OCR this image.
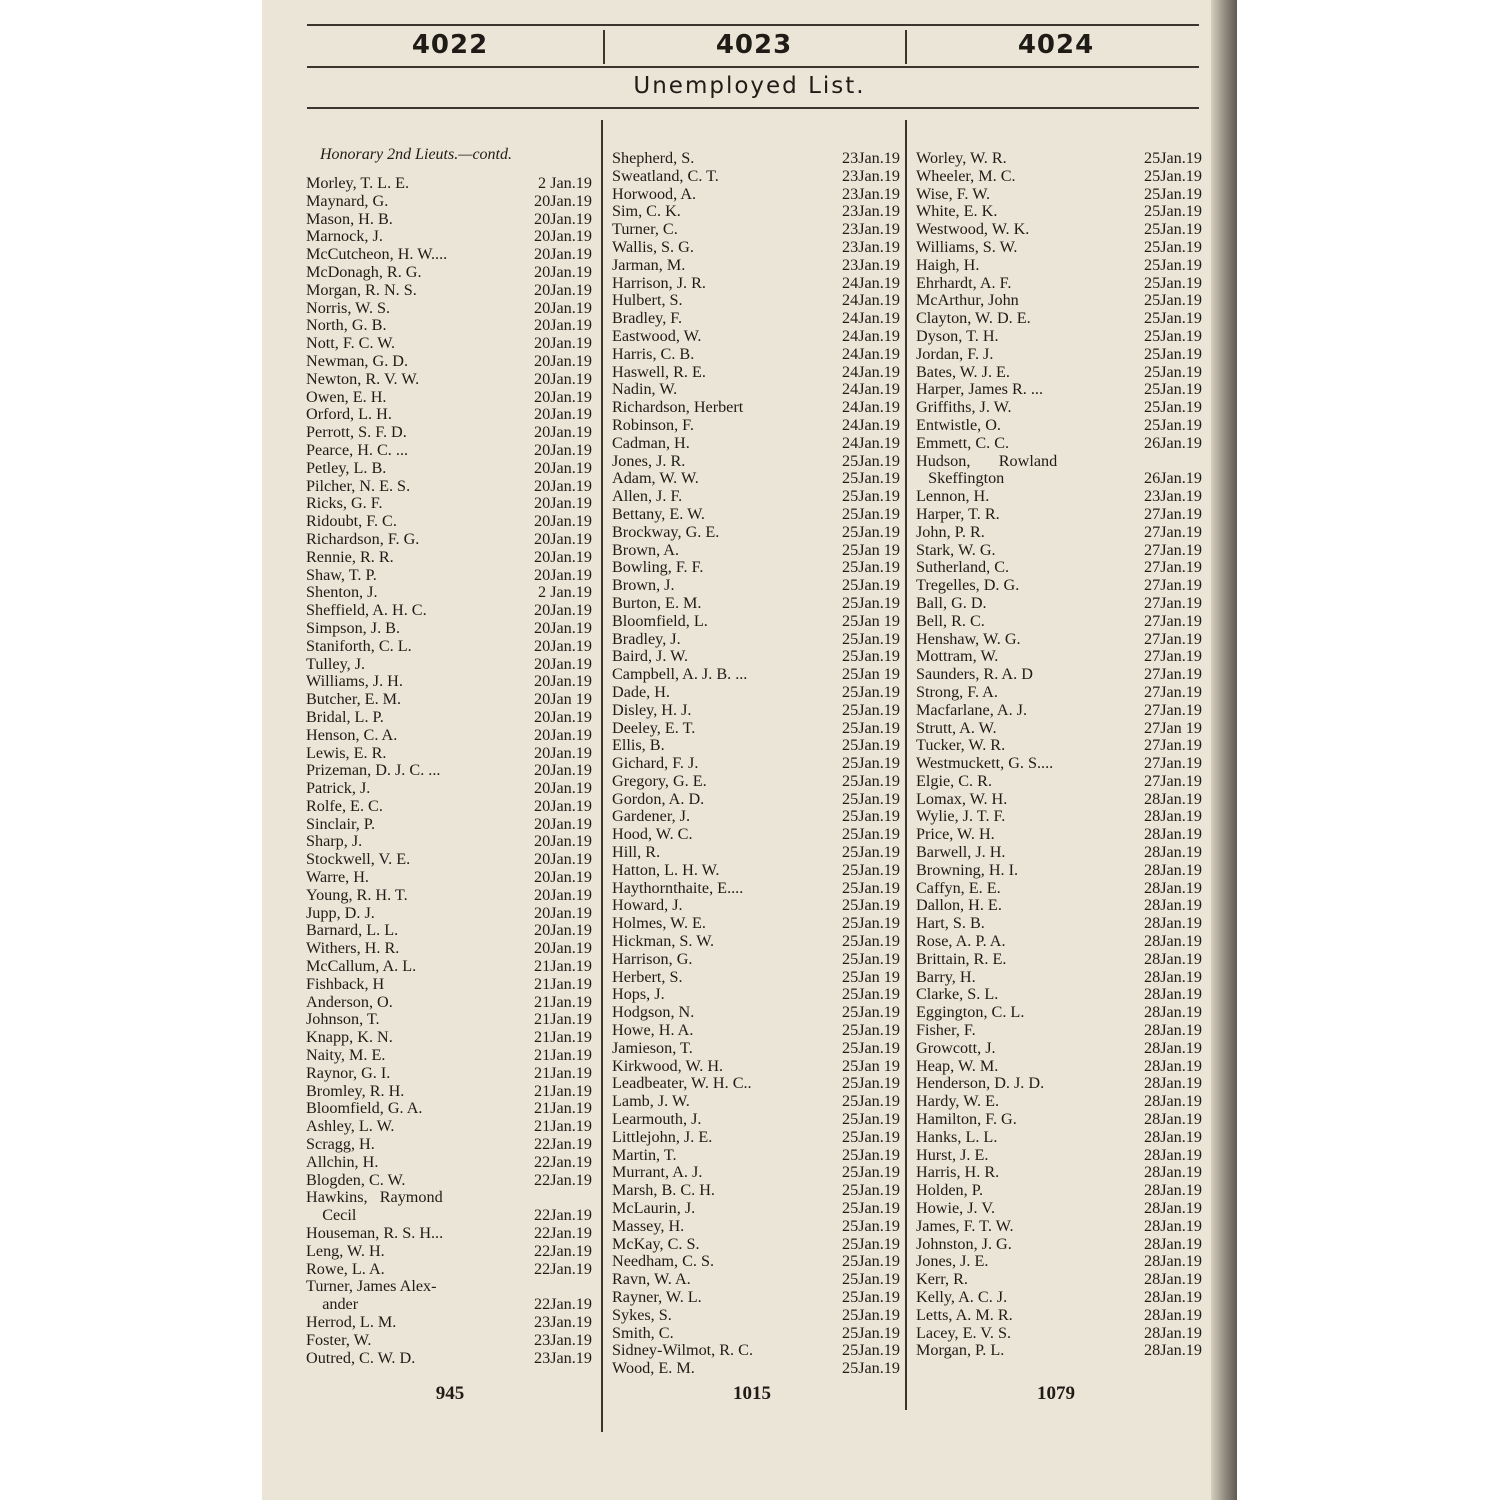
4022	4023	4024
Unemployed List.
Honorary 2nd Lieuts.—contd.
Morley, T. L. E.	2 Jan.19
Maynard, G.	20Jan.19
Mason, H. B.	20Jan.19
Marnock, J.	20Jan.19
McCutcheon, H. W....	20Jan.19
McDonagh, R. G.	20Jan.19
Morgan, R. N. S.	20Jan.19
Norris, W. S.	20Jan.19
North, G. B.	20Jan.19
Nott, F. C. W.	20Jan.19
Newman, G. D.	20Jan.19
Newton, R. V. W.	20Jan.19
Owen, E. H.	20Jan.19
Orford, L. H.	20Jan.19
Perrott, S. F. D.	20Jan.19
Pearce, H. C. ...	20Jan.19
Petley, L. B.	20Jan.19
Pilcher, N. E. S.	20Jan.19
Ricks, G. F.	20Jan.19
Ridoubt, F. C.	20Jan.19
Richardson, F. G.	20Jan.19
Rennie, R. R.	20Jan.19
Shaw, T. P.	20Jan.19
Shenton, J.	2 Jan.19
Sheffield, A. H. C.	20Jan.19
Simpson, J. B.	20Jan.19
Staniforth, C. L.	20Jan.19
Tulley, J.	20Jan.19
Williams, J. H.	20Jan.19
Butcher, E. M.	20Jan 19
Bridal, L. P.	20Jan.19
Henson, C. A.	20Jan.19
Lewis, E. R.	20Jan.19
Prizeman, D. J. C. ...	20Jan.19
Patrick, J.	20Jan.19
Rolfe, E. C.	20Jan.19
Sinclair, P.	20Jan.19
Sharp, J.	20Jan.19
Stockwell, V. E.	20Jan.19
Warre, H.	20Jan.19
Young, R. H. T.	20Jan.19
Jupp, D. J.	20Jan.19
Barnard, L. L.	20Jan.19
Withers, H. R.	20Jan.19
McCallum, A. L.	21Jan.19
Fishback, H	21Jan.19
Anderson, O.	21Jan.19
Johnson, T.	21Jan.19
Knapp, K. N.	21Jan.19
Naity, M. E.	21Jan.19
Raynor, G. I.	21Jan.19
Bromley, R. H.	21Jan.19
Bloomfield, G. A.	21Jan.19
Ashley, L. W.	21Jan.19
Scragg, H.	22Jan.19
Allchin, H.	22Jan.19
Blogden, C. W.	22Jan.19
Hawkins,   Raymond
Cecil	22Jan.19
Houseman, R. S. H...	22Jan.19
Leng, W. H.	22Jan.19
Rowe, L. A.	22Jan.19
Turner, James Alex-
ander	22Jan.19
Herrod, L. M.	23Jan.19
Foster, W.	23Jan.19
Outred, C. W. D.	23Jan.19
Shepherd, S.	23Jan.19
Sweatland, C. T.	23Jan.19
Horwood, A.	23Jan.19
Sim, C. K.	23Jan.19
Turner, C.	23Jan.19
Wallis, S. G.	23Jan.19
Jarman, M.	23Jan.19
Harrison, J. R.	24Jan.19
Hulbert, S.	24Jan.19
Bradley, F.	24Jan.19
Eastwood, W.	24Jan.19
Harris, C. B.	24Jan.19
Haswell, R. E.	24Jan.19
Nadin, W.	24Jan.19
Richardson, Herbert	24Jan.19
Robinson, F.	24Jan.19
Cadman, H.	24Jan.19
Jones, J. R.	25Jan.19
Adam, W. W.	25Jan.19
Allen, J. F.	25Jan.19
Bettany, E. W.	25Jan.19
Brockway, G. E.	25Jan.19
Brown, A.	25Jan 19
Bowling, F. F.	25Jan.19
Brown, J.	25Jan.19
Burton, E. M.	25Jan.19
Bloomfield, L.	25Jan 19
Bradley, J.	25Jan.19
Baird, J. W.	25Jan.19
Campbell, A. J. B. ...	25Jan 19
Dade, H.	25Jan.19
Disley, H. J.	25Jan.19
Deeley, E. T.	25Jan.19
Ellis, B.	25Jan.19
Gichard, F. J.	25Jan.19
Gregory, G. E.	25Jan.19
Gordon, A. D.	25Jan.19
Gardener, J.	25Jan.19
Hood, W. C.	25Jan.19
Hill, R.	25Jan.19
Hatton, L. H. W.	25Jan.19
Haythornthaite, E....	25Jan.19
Howard, J.	25Jan.19
Holmes, W. E.	25Jan.19
Hickman, S. W.	25Jan.19
Harrison, G.	25Jan.19
Herbert, S.	25Jan 19
Hops, J.	25Jan.19
Hodgson, N.	25Jan.19
Howe, H. A.	25Jan.19
Jamieson, T.	25Jan.19
Kirkwood, W. H.	25Jan 19
Leadbeater, W. H. C..	25Jan.19
Lamb, J. W.	25Jan.19
Learmouth, J.	25Jan.19
Littlejohn, J. E.	25Jan.19
Martin, T.	25Jan.19
Murrant, A. J.	25Jan.19
Marsh, B. C. H.	25Jan.19
McLaurin, J.	25Jan.19
Massey, H.	25Jan.19
McKay, C. S.	25Jan.19
Needham, C. S.	25Jan.19
Ravn, W. A.	25Jan.19
Rayner, W. L.	25Jan.19
Sykes, S.	25Jan.19
Smith, C.	25Jan.19
Sidney-Wilmot, R. C.	25Jan.19
Wood, E. M.	25Jan.19
Worley, W. R.	25Jan.19
Wheeler, M. C.	25Jan.19
Wise, F. W.	25Jan.19
White, E. K.	25Jan.19
Westwood, W. K.	25Jan.19
Williams, S. W.	25Jan.19
Haigh, H.	25Jan.19
Ehrhardt, A. F.	25Jan.19
McArthur, John	25Jan.19
Clayton, W. D. E.	25Jan.19
Dyson, T. H.	25Jan.19
Jordan, F. J.	25Jan.19
Bates, W. J. E.	25Jan.19
Harper, James R. ...	25Jan.19
Griffiths, J. W.	25Jan.19
Entwistle, O.	25Jan.19
Emmett, C. C.	26Jan.19
Hudson,       Rowland
Skeffington	26Jan.19
Lennon, H.	23Jan.19
Harper, T. R.	27Jan.19
John, P. R.	27Jan.19
Stark, W. G.	27Jan.19
Sutherland, C.	27Jan.19
Tregelles, D. G.	27Jan.19
Ball, G. D.	27Jan.19
Bell, R. C.	27Jan.19
Henshaw, W. G.	27Jan.19
Mottram, W.	27Jan.19
Saunders, R. A. D	27Jan.19
Strong, F. A.	27Jan.19
Macfarlane, A. J.	27Jan.19
Strutt, A. W.	27Jan 19
Tucker, W. R.	27Jan.19
Westmuckett, G. S....	27Jan.19
Elgie, C. R.	27Jan.19
Lomax, W. H.	28Jan.19
Wylie, J. T. F.	28Jan.19
Price, W. H.	28Jan.19
Barwell, J. H.	28Jan.19
Browning, H. I.	28Jan.19
Caffyn, E. E.	28Jan.19
Dallon, H. E.	28Jan.19
Hart, S. B.	28Jan.19
Rose, A. P. A.	28Jan.19
Brittain, R. E.	28Jan.19
Barry, H.	28Jan.19
Clarke, S. L.	28Jan.19
Eggington, C. L.	28Jan.19
Fisher, F.	28Jan.19
Growcott, J.	28Jan.19
Heap, W. M.	28Jan.19
Henderson, D. J. D.	28Jan.19
Hardy, W. E.	28Jan.19
Hamilton, F. G.	28Jan.19
Hanks, L. L.	28Jan.19
Hurst, J. E.	28Jan.19
Harris, H. R.	28Jan.19
Holden, P.	28Jan.19
Howie, J. V.	28Jan.19
James, F. T. W.	28Jan.19
Johnston, J. G.	28Jan.19
Jones, J. E.	28Jan.19
Kerr, R.	28Jan.19
Kelly, A. C. J.	28Jan.19
Letts, A. M. R.	28Jan.19
Lacey, E. V. S.	28Jan.19
Morgan, P. L.	28Jan.19
945	1015	1079
